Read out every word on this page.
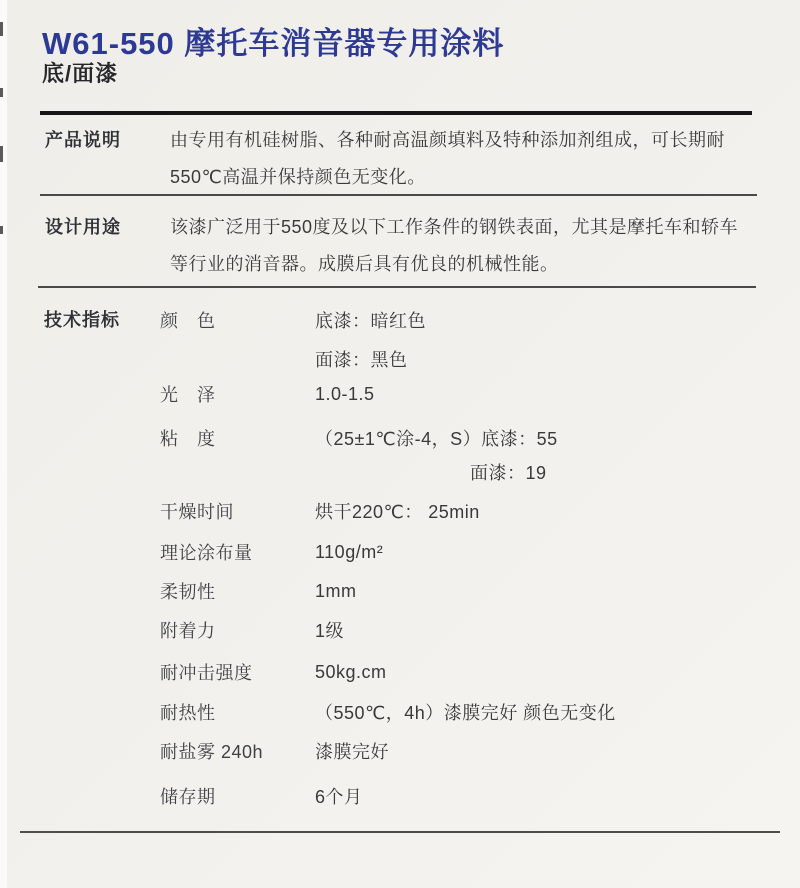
W61-550 摩托车消音器专用涂料
底/面漆
产品说明	由专用有机硅树脂、各种耐高温颜填料及特种添加剂组成，可长期耐550℃高温并保持颜色无变化。
设计用途	该漆广泛用于550度及以下工作条件的钢铁表面，尤其是摩托车和轿车等行业的消音器。成膜后具有优良的机械性能。
技术指标 颜　色	底漆：暗红色
面漆：黑色
光　泽	1.0-1.5
粘　度	（25±1℃涂-4，S）底漆：55
面漆：19
干燥时间	烘干220℃： 25min
理论涂布量	110g/m²
柔韧性	1mm
附着力	1级
耐冲击强度	50kg.cm
耐热性	（550℃，4h）漆膜完好 颜色无变化
耐盐雾 240h	漆膜完好
储存期	6个月
